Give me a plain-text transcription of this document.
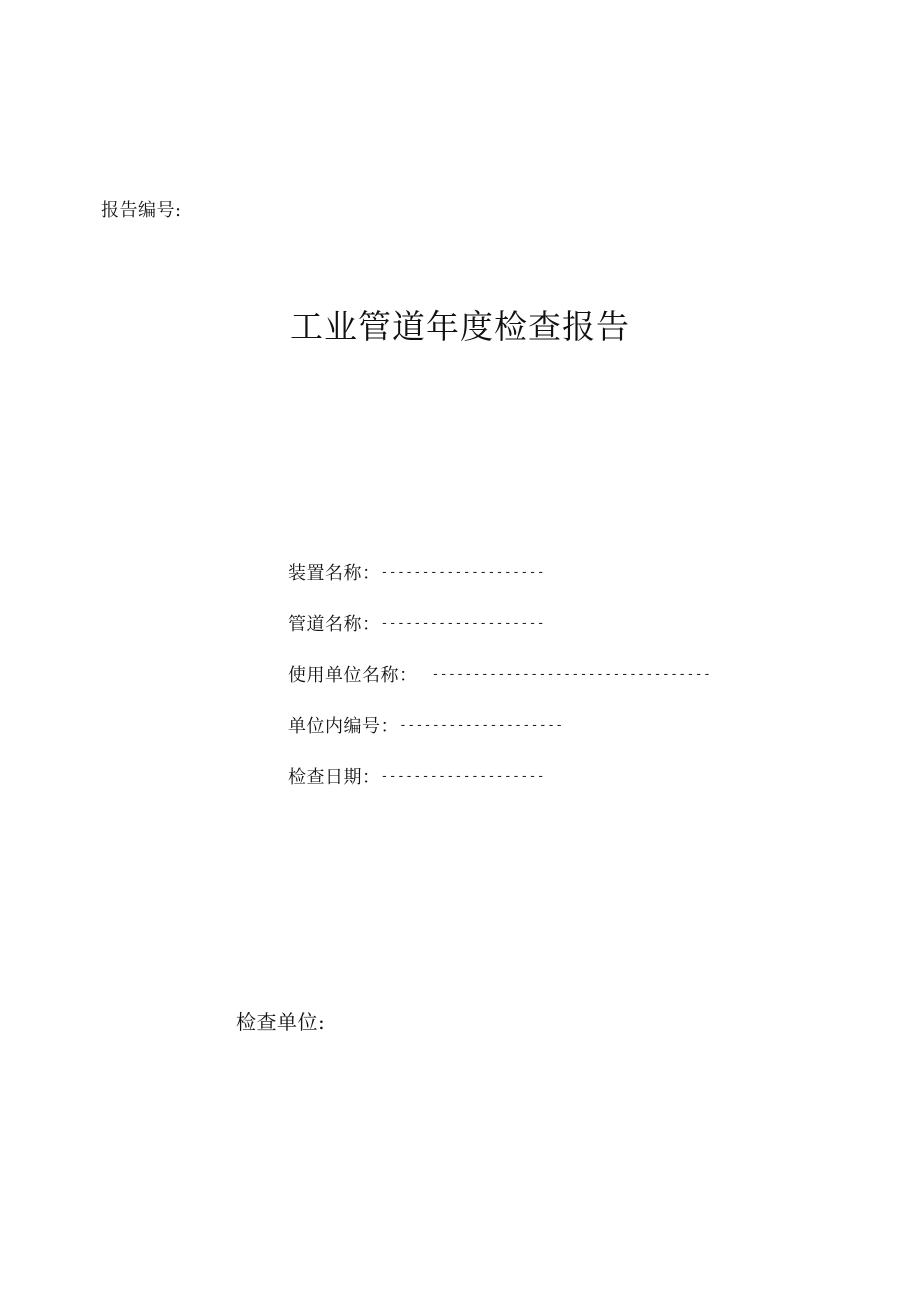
报告编号:
工业管道年度检查报告
装置名称：--------------------
管道名称：--------------------
使用单位名称： ----------------------------------
单位内编号：--------------------
检查日期：--------------------
检查单位:
